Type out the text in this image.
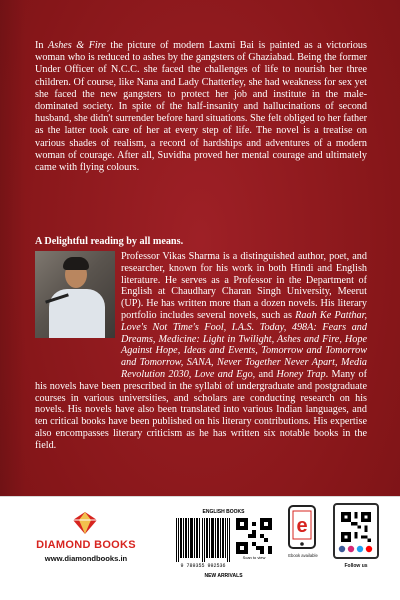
In Ashes & Fire the picture of modern Laxmi Bai is painted as a victorious woman who is reduced to ashes by the gangsters of Ghaziabad. Being the former Under Officer of N.C.C. she faced the challenges of life to nourish her three children. Of course, like Nana and Lady Chatterley, she had weakness for sex yet she faced the new gangsters to protect her job and institute in the male-dominated society. In spite of the half-insanity and hallucinations of second husband, she didn't surrender before hard situations. She felt obliged to her father as the latter took care of her at every step of life. The novel is a treatise on various shades of realism, a record of hardships and adventures of a modern woman of courage. After all, Suvidha proved her mental courage and ultimately came with flying colours.

A Delightful reading by all means.
Professor Vikas Sharma is a distinguished author, poet, and researcher, known for his work in both Hindi and English literature. He serves as a Professor in the Department of English at Chaudhary Charan Singh University, Meerut (UP). He has written more than a dozen novels. His literary portfolio includes several novels, such as Raah Ke Patthar, Love's Not Time's Fool, I.A.S. Today, 498A: Fears and Dreams, Medicine: Light in Twilight, Ashes and Fire, Hope Against Hope, Ideas and Events, Tomorrow and Tomorrow and Tomorrow, SANA, Never Together Never Apart, Media Revolution 2030, Love and Ego, and Honey Trap. Many of his novels have been prescribed in the syllabi of undergraduate and postgraduate courses in various universities, and scholars are conducting research on his novels. His novels have also been translated into various Indian languages, and ten critical books have been published on his literary contributions. His expertise also encompasses literary criticism as he has written six notable books in the field.
DIAMOND BOOKS
www.diamondbooks.in
ENGLISH BOOKS
9 789355 992536
Scan to view
NEW ARRIVALS
e
Ebook available
Follow us
